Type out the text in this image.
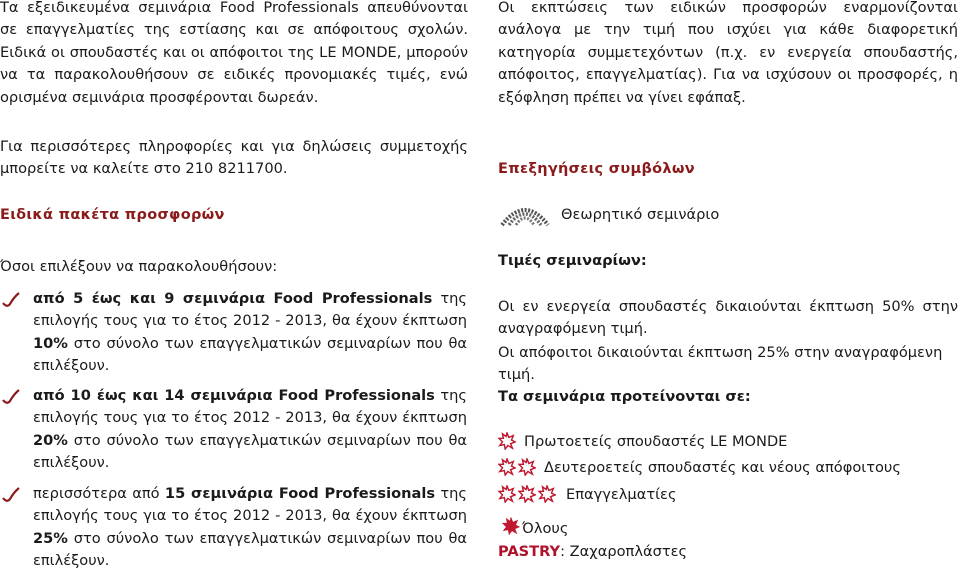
Τα εξειδικευμένα σεμινάρια Food Professionals απευθύνονται σε επαγγελματίες της εστίασης και σε απόφοιτους σχολών. Ειδικά οι σπουδαστές και οι απόφοιτοι της LE MONDE, μπορούν να τα παρακολουθήσουν σε ειδικές προνομιακές τιμές, ενώ ορισμένα σεμινάρια προσφέρονται δωρεάν.

Για περισσότερες πληροφορίες και για δηλώσεις συμμετοχής μπορείτε να καλείτε στο 210 8211700.

Ειδικά πακέτα προσφορών

Όσοι επιλέξουν να παρακολουθήσουν:

από 5 έως και 9 σεμινάρια Food Professionals της επιλογής τους για το έτος 2012 - 2013, θα έχουν έκπτωση 10% στο σύνολο των επαγγελματικών σεμιναρίων που θα επιλέξουν.

από 10 έως και 14 σεμινάρια Food Professionals της επιλογής τους για το έτος 2012 - 2013, θα έχουν έκπτωση 20% στο σύνολο των επαγγελματικών σεμιναρίων που θα επιλέξουν.

περισσότερα από 15 σεμινάρια Food Professionals της επιλογής τους για το έτος 2012 - 2013, θα έχουν έκπτωση 25% στο σύνολο των επαγγελματικών σεμιναρίων που θα επιλέξουν.

Οι εκπτώσεις των ειδικών προσφορών εναρμονίζονται ανάλογα με την τιμή που ισχύει για κάθε διαφορετική κατηγορία συμμετεχόντων (π.χ. εν ενεργεία σπουδαστής, απόφοιτος, επαγγελματίας). Για να ισχύσουν οι προσφορές, η εξόφληση πρέπει να γίνει εφάπαξ.

Επεξηγήσεις συμβόλων

Θεωρητικό σεμινάριο

Τιμές σεμιναρίων:

Οι εν ενεργεία σπουδαστές δικαιούνται έκπτωση 50% στην αναγραφόμενη τιμή.

Οι απόφοιτοι δικαιούνται έκπτωση 25% στην αναγραφόμενη τιμή.

Τα σεμινάρια προτείνονται σε:

Πρωτοετείς σπουδαστές LE MONDE
Δευτεροετείς σπουδαστές και νέους απόφοιτους
Επαγγελματίες
Όλους
PASTRY : Ζαχαροπλάστες
